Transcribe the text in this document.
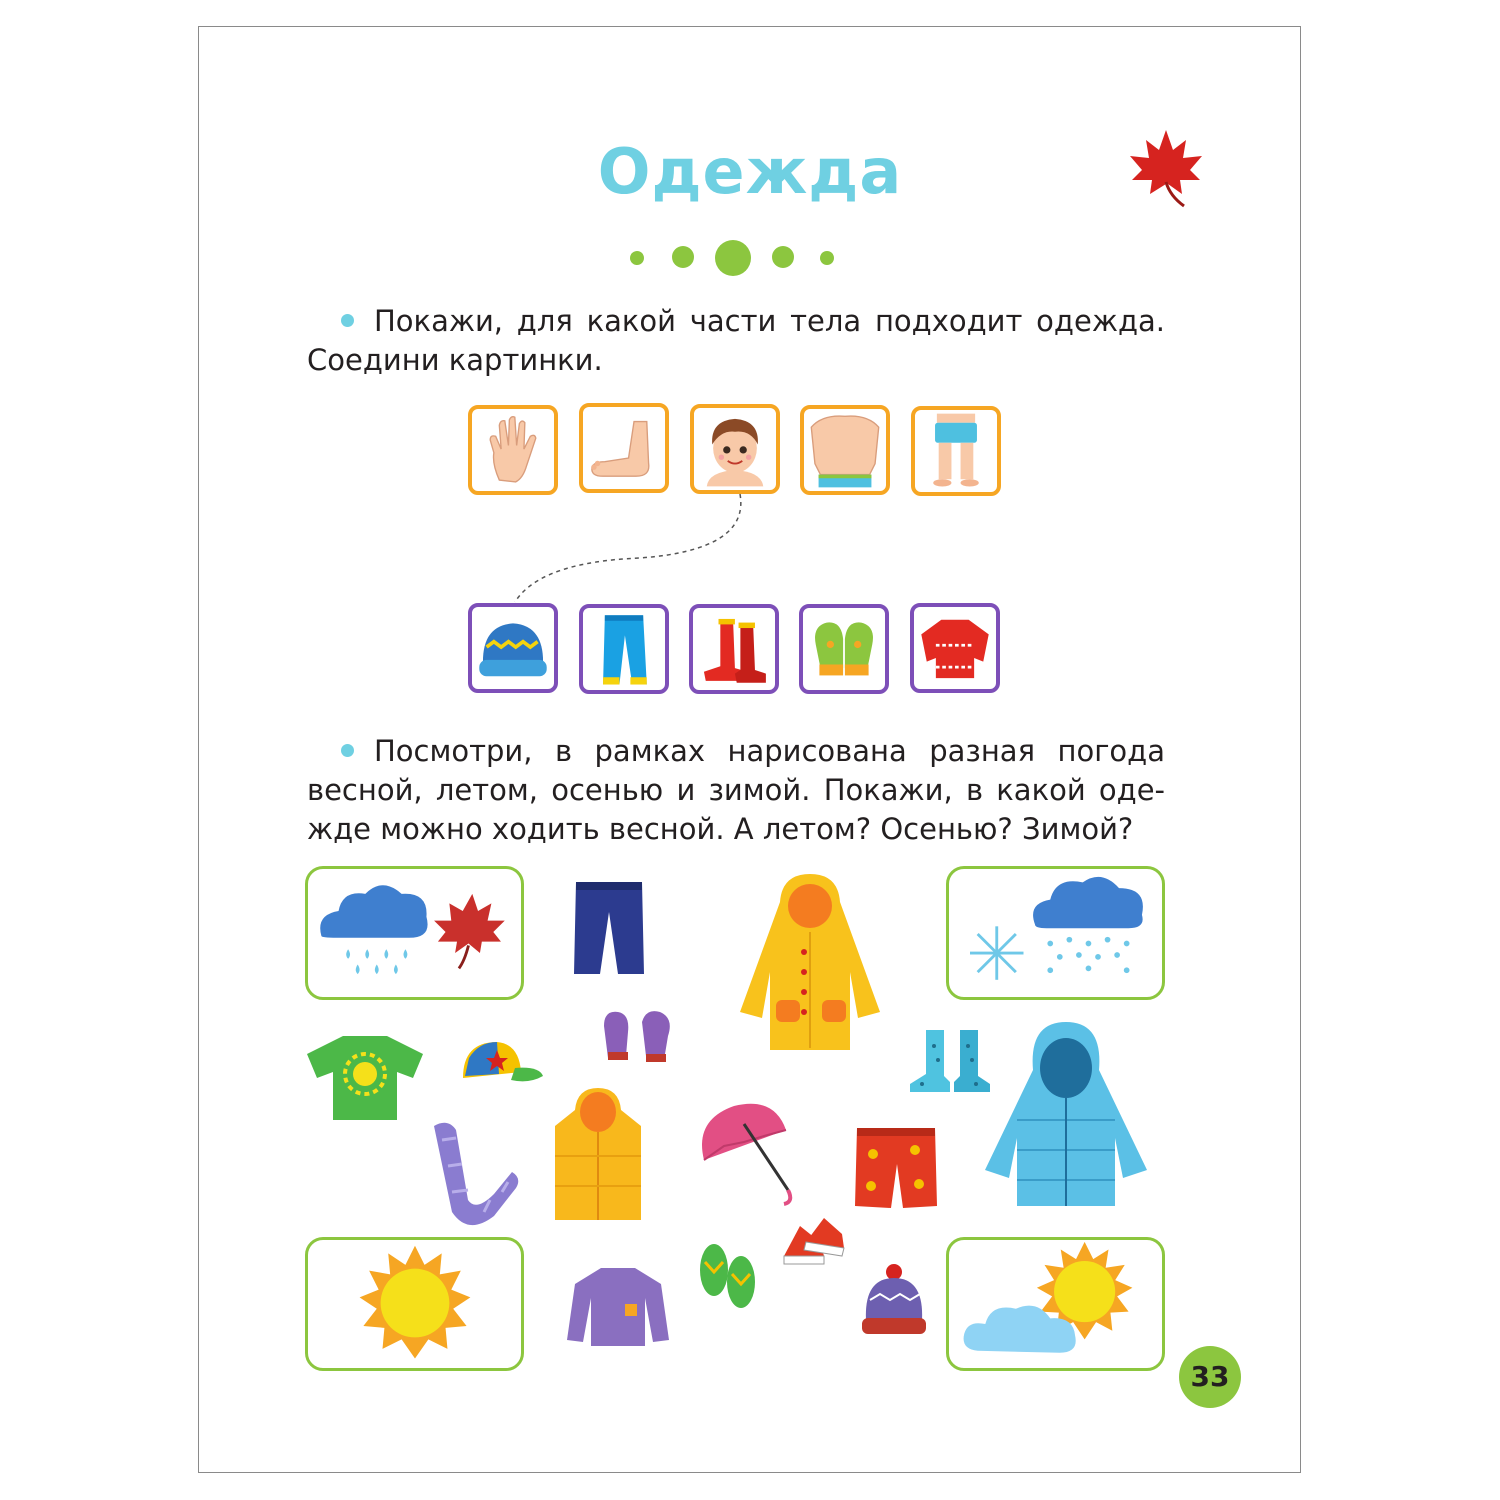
Одежда
Покажи, для какой части тела подходит одежда. Соедини картинки.
Посмотри, в рамках нарисована разная погода весной, летом, осенью и зимой. Покажи, в какой оде-жде можно ходить весной. А летом? Осенью? Зимой?
33
